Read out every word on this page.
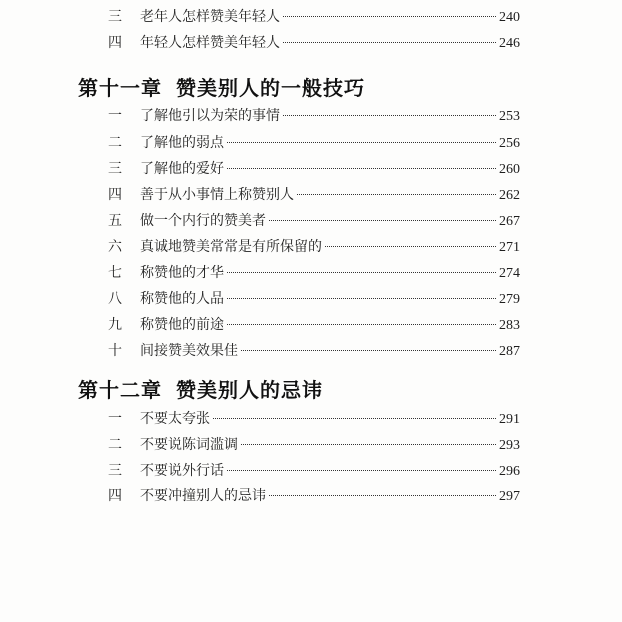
三	老年人怎样赞美年轻人	240
四	年轻人怎样赞美年轻人	246
第十一章 赞美别人的一般技巧
一	了解他引以为荣的事情	253
二	了解他的弱点	256
三	了解他的爱好	260
四	善于从小事情上称赞别人	262
五	做一个内行的赞美者	267
六	真诚地赞美常常是有所保留的	271
七	称赞他的才华	274
八	称赞他的人品	279
九	称赞他的前途	283
十	间接赞美效果佳	287
第十二章 赞美别人的忌讳
一	不要太夸张	291
二	不要说陈词滥调	293
三	不要说外行话	296
四	不要冲撞别人的忌讳	297
